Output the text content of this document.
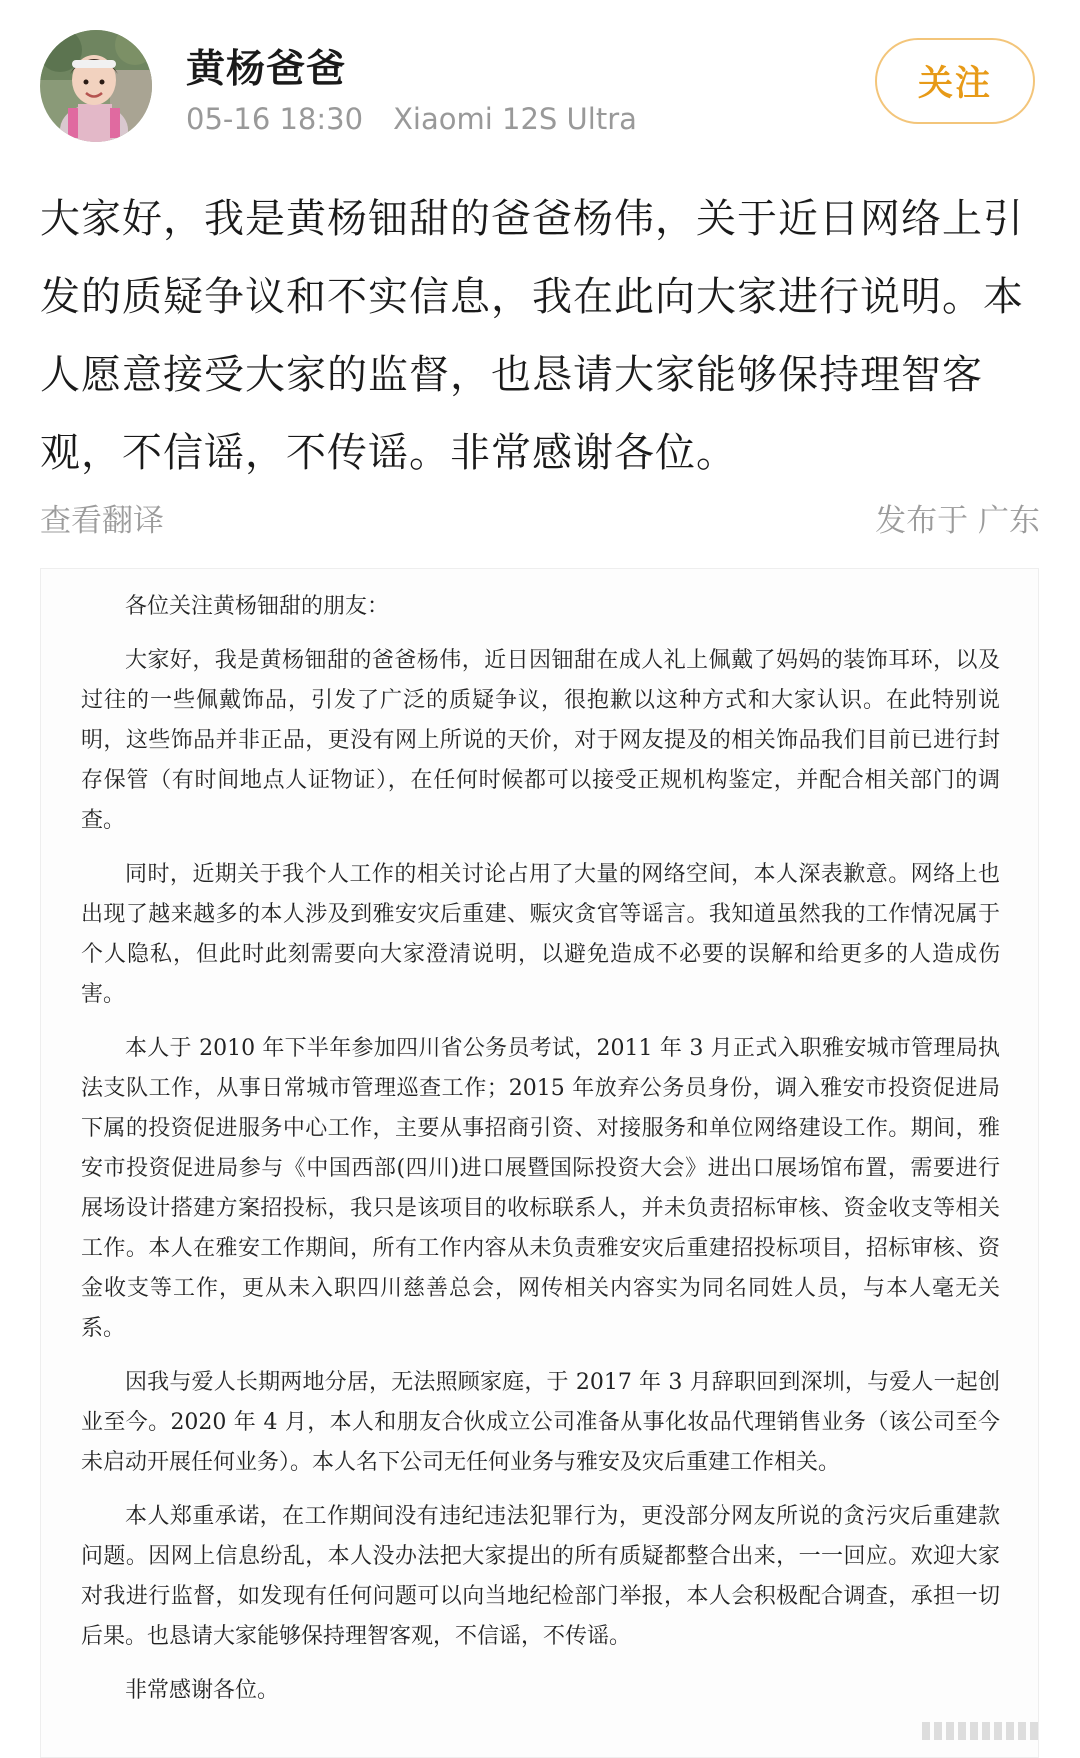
黄杨爸爸
05-16 18:30 Xiaomi 12S Ultra
关注
大家好，我是黄杨钿甜的爸爸杨伟，关于近日网络上引发的质疑争议和不实信息，我在此向大家进行说明。本人愿意接受大家的监督，也恳请大家能够保持理智客观，不信谣，不传谣。非常感谢各位。
查看翻译	发布于 广东
各位关注黄杨钿甜的朋友：

大家好，我是黄杨钿甜的爸爸杨伟，近日因钿甜在成人礼上佩戴了妈妈的装饰耳环，以及过往的一些佩戴饰品，引发了广泛的质疑争议，很抱歉以这种方式和大家认识。在此特别说明，这些饰品并非正品，更没有网上所说的天价，对于网友提及的相关饰品我们目前已进行封存保管（有时间地点人证物证），在任何时候都可以接受正规机构鉴定，并配合相关部门的调查。

同时，近期关于我个人工作的相关讨论占用了大量的网络空间，本人深表歉意。网络上也出现了越来越多的本人涉及到雅安灾后重建、赈灾贪官等谣言。我知道虽然我的工作情况属于个人隐私，但此时此刻需要向大家澄清说明，以避免造成不必要的误解和给更多的人造成伤害。

本人于 2010 年下半年参加四川省公务员考试，2011 年 3 月正式入职雅安城市管理局执法支队工作，从事日常城市管理巡查工作；2015 年放弃公务员身份，调入雅安市投资促进局下属的投资促进服务中心工作，主要从事招商引资、对接服务和单位网络建设工作。期间，雅安市投资促进局参与《中国西部(四川)进口展暨国际投资大会》进出口展场馆布置，需要进行展场设计搭建方案招投标，我只是该项目的收标联系人，并未负责招标审核、资金收支等相关工作。本人在雅安工作期间，所有工作内容从未负责雅安灾后重建招投标项目，招标审核、资金收支等工作，更从未入职四川慈善总会，网传相关内容实为同名同姓人员，与本人毫无关系。

因我与爱人长期两地分居，无法照顾家庭，于 2017 年 3 月辞职回到深圳，与爱人一起创业至今。2020 年 4 月，本人和朋友合伙成立公司准备从事化妆品代理销售业务（该公司至今未启动开展任何业务）。本人名下公司无任何业务与雅安及灾后重建工作相关。

本人郑重承诺，在工作期间没有违纪违法犯罪行为，更没部分网友所说的贪污灾后重建款问题。因网上信息纷乱，本人没办法把大家提出的所有质疑都整合出来，一一回应。欢迎大家对我进行监督，如发现有任何问题可以向当地纪检部门举报，本人会积极配合调查，承担一切后果。也恳请大家能够保持理智客观，不信谣，不传谣。

非常感谢各位。
